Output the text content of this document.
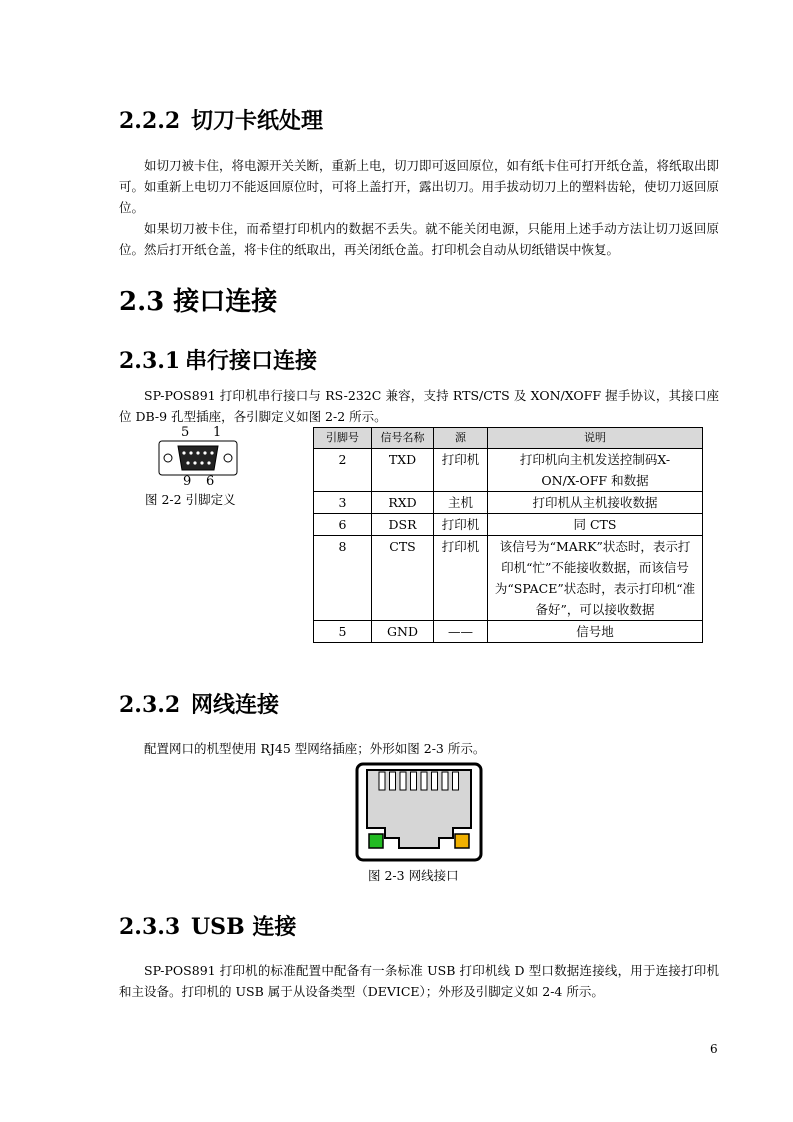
2.2.2 切刀卡纸处理

如切刀被卡住，将电源开关关断，重新上电，切刀即可返回原位，如有纸卡住可打开纸仓盖，将纸取出即可。如重新上电切刀不能返回原位时，可将上盖打开，露出切刀。用手拔动切刀上的塑料齿轮，使切刀返回原位。

如果切刀被卡住，而希望打印机内的数据不丢失。就不能关闭电源，只能用上述手动方法让切刀返回原位。然后打开纸仓盖，将卡住的纸取出，再关闭纸仓盖。打印机会自动从切纸错误中恢复。

2.3 接口连接
2.3.1 串行接口连接

SP-POS891 打印机串行接口与 RS-232C 兼容，支持 RTS/CTS 及 XON/XOFF 握手协议，其接口座位 DB-9 孔型插座，各引脚定义如图 2-2 所示。

5 1
9 6
图 2-2 引脚定义
引脚号	信号名称	源	说明
2	TXD	打印机	打印机向主机发送控制码X-ON/X-OFF 和数据
3	RXD	主机	打印机从主机接收数据
6	DSR	打印机	同 CTS
8	CTS	打印机	该信号为“MARK”状态时，表示打印机“忙”不能接收数据，而该信号为“SPACE”状态时，表示打印机“准备好”，可以接收数据
5	GND	——	信号地
2.3.2 网线连接

配置网口的机型使用 RJ45 型网络插座；外形如图 2-3 所示。

图 2-3 网线接口
2.3.3 USB 连接

SP-POS891 打印机的标准配置中配备有一条标准 USB 打印机线 D 型口数据连接线，用于连接打印机和主设备。打印机的 USB 属于从设备类型（DEVICE）；外形及引脚定义如 2-4 所示。

6
